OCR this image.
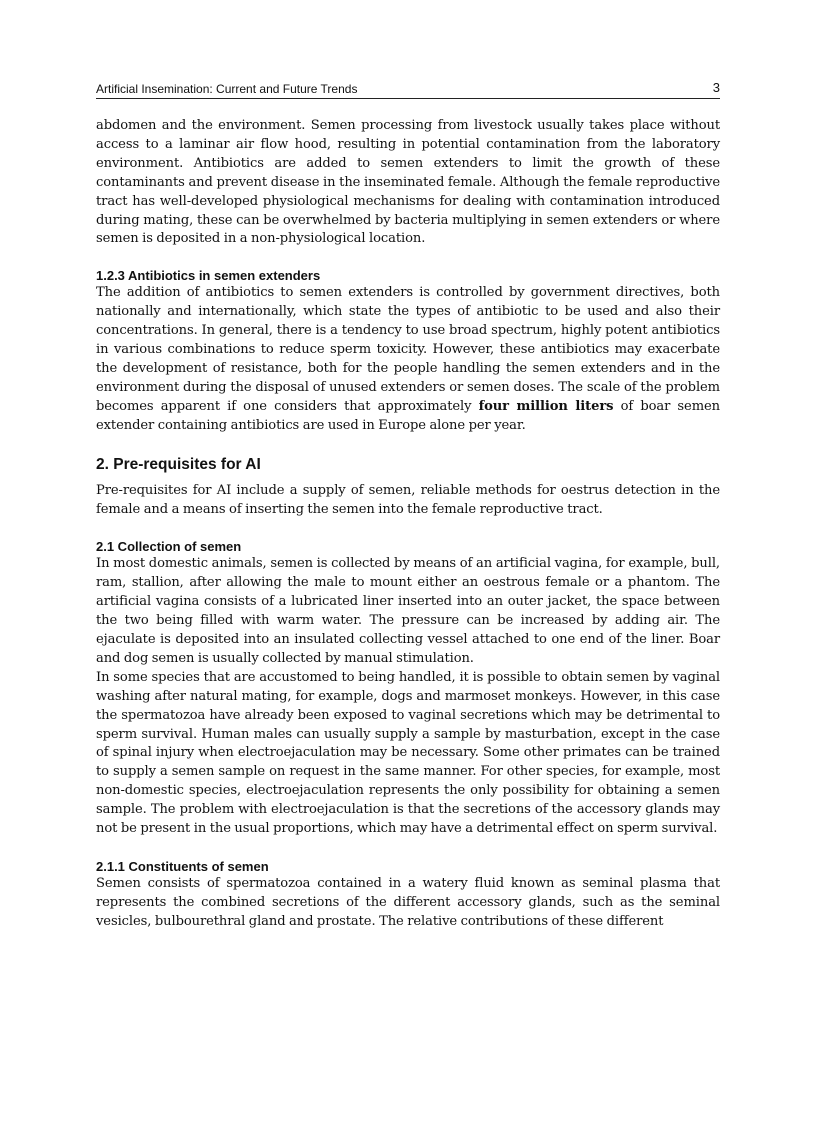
Artificial Insemination: Current and Future Trends	3

abdomen and the environment. Semen processing from livestock usually takes place without access to a laminar air flow hood, resulting in potential contamination from the laboratory environment. Antibiotics are added to semen extenders to limit the growth of these contaminants and prevent disease in the inseminated female. Although the female reproductive tract has well-developed physiological mechanisms for dealing with contamination introduced during mating, these can be overwhelmed by bacteria multiplying in semen extenders or where semen is deposited in a non-physiological location.

1.2.3 Antibiotics in semen extenders

The addition of antibiotics to semen extenders is controlled by government directives, both nationally and internationally, which state the types of antibiotic to be used and also their concentrations. In general, there is a tendency to use broad spectrum, highly potent antibiotics in various combinations to reduce sperm toxicity. However, these antibiotics may exacerbate the development of resistance, both for the people handling the semen extenders and in the environment during the disposal of unused extenders or semen doses. The scale of the problem becomes apparent if one considers that approximately four million liters of boar semen extender containing antibiotics are used in Europe alone per year.

2. Pre-requisites for AI

Pre-requisites for AI include a supply of semen, reliable methods for oestrus detection in the female and a means of inserting the semen into the female reproductive tract.

2.1 Collection of semen

In most domestic animals, semen is collected by means of an artificial vagina, for example, bull, ram, stallion, after allowing the male to mount either an oestrous female or a phantom. The artificial vagina consists of a lubricated liner inserted into an outer jacket, the space between the two being filled with warm water. The pressure can be increased by adding air. The ejaculate is deposited into an insulated collecting vessel attached to one end of the liner. Boar and dog semen is usually collected by manual stimulation.

In some species that are accustomed to being handled, it is possible to obtain semen by vaginal washing after natural mating, for example, dogs and marmoset monkeys. However, in this case the spermatozoa have already been exposed to vaginal secretions which may be detrimental to sperm survival. Human males can usually supply a sample by masturbation, except in the case of spinal injury when electroejaculation may be necessary. Some other primates can be trained to supply a semen sample on request in the same manner. For other species, for example, most non-domestic species, electroejaculation represents the only possibility for obtaining a semen sample. The problem with electroejaculation is that the secretions of the accessory glands may not be present in the usual proportions, which may have a detrimental effect on sperm survival.

2.1.1 Constituents of semen

Semen consists of spermatozoa contained in a watery fluid known as seminal plasma that represents the combined secretions of the different accessory glands, such as the seminal vesicles, bulbourethral gland and prostate. The relative contributions of these different
